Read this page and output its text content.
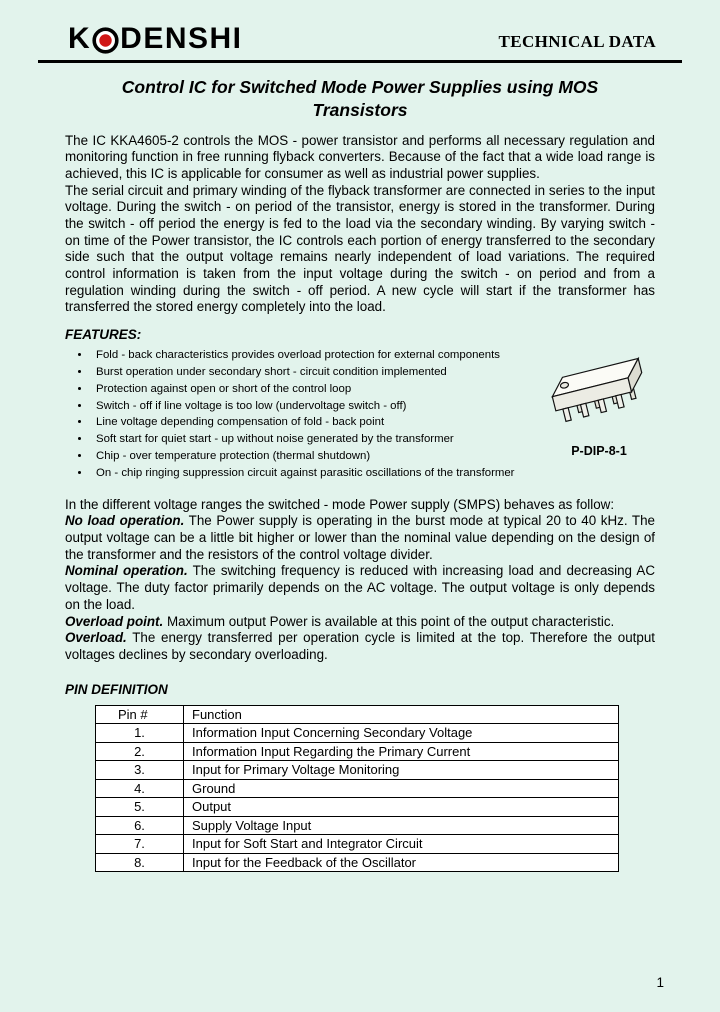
K DENSHI	TECHNICAL DATA
Control IC for Switched Mode Power Supplies using MOS Transistors

The IC KKA4605-2 controls the MOS - power transistor and performs all necessary regulation and monitoring function in free running flyback converters. Because of the fact that a wide load range is achieved, this IC is applicable for consumer as well as industrial power supplies.

The serial circuit and primary winding of the flyback transformer are connected in series to the input voltage. During the switch - on period of the transistor, energy is stored in the transformer. During the switch - off period the energy is fed to the load via the secondary winding. By varying switch - on time of the Power transistor, the IC controls each portion of energy transferred to the secondary side such that the output voltage remains nearly independent of load variations. The required control information is taken from the input voltage during the switch - on period and from a regulation winding during the switch - off period. A new cycle will start if the transformer has transferred the stored energy completely into the load.

FEATURES:
• Fold - back characteristics provides overload protection for external components
• Burst operation under secondary short - circuit condition implemented
• Protection against open or short of the control loop
• Switch - off if line voltage is too low (undervoltage switch - off)
• Line voltage depending compensation of fold - back point
• Soft start for quiet start - up without noise generated by the transformer
• Chip - over temperature protection (thermal shutdown)
• On - chip ringing suppression circuit against parasitic oscillations of the transformer
P-DIP-8-1

In the different voltage ranges the switched - mode Power supply (SMPS) behaves as follow:

No load operation. The Power supply is operating in the burst mode at typical 20 to 40 kHz. The output voltage can be a little bit higher or lower than the nominal value depending on the design of the transformer and the resistors of the control voltage divider.

Nominal operation. The switching frequency is reduced with increasing load and decreasing AC voltage. The duty factor primarily depends on the AC voltage. The output voltage is only depends on the load.

Overload point. Maximum output Power is available at this point of the output characteristic.

Overload. The energy transferred per operation cycle is limited at the top. Therefore the output voltages declines by secondary overloading.

PIN DEFINITION
Pin #	Function
1.	Information Input Concerning Secondary Voltage
2.	Information Input Regarding the Primary Current
3.	Input for Primary Voltage Monitoring
4.	Ground
5.	Output
6.	Supply Voltage Input
7.	Input for Soft Start and Integrator Circuit
8.	Input for the Feedback of the Oscillator
1
